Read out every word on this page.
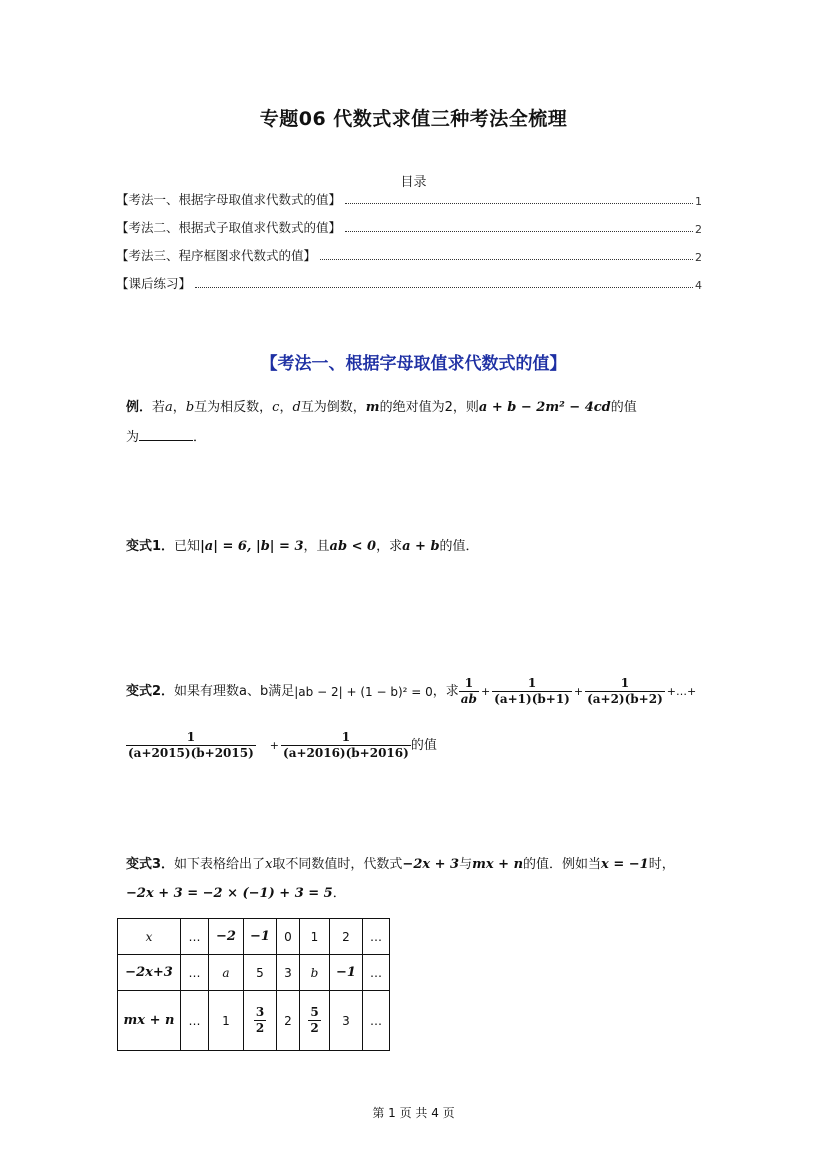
专题06 代数式求值三种考法全梳理
目录
【考法一、根据字母取值求代数式的值】	1
【考法二、根据式子取值求代数式的值】	2
【考法三、程序框图求代数式的值】	2
【课后练习】	4
【考法一、根据字母取值求代数式的值】
例．若a，b互为相反数，c，d互为倒数，m的绝对值为2，则a + b − 2m² − 4cd的值
为	．
变式1．已知|a| = 6, |b| = 3，且ab < 0，求a + b的值．
变式2． 如果有理数a、b满足 |ab − 2| + (1 − b)² = 0 ，求 $\frac{1}{ab} + \frac{1}{(a+1)(b+1)} + \frac{1}{(a+2)(b+2)}$ +…+
$\frac{1}{(a+2015)(b+2015)} + \frac{1}{(a+2016)(b+2016)}$ 的值
变式3．如下表格给出了x取不同数值时，代数式−2x + 3与mx + n的值．例如当x = −1时，
−2x + 3 = −2 × (−1) + 3 = 5．
x	…	−2	−1	0	1	2	…
−2x+3	…	a	5	3	b	−1	…
mx + n	…	1	$\frac{3}{2}$	2	$\frac{5}{2}$	3	…
第 1 页 共 4 页
